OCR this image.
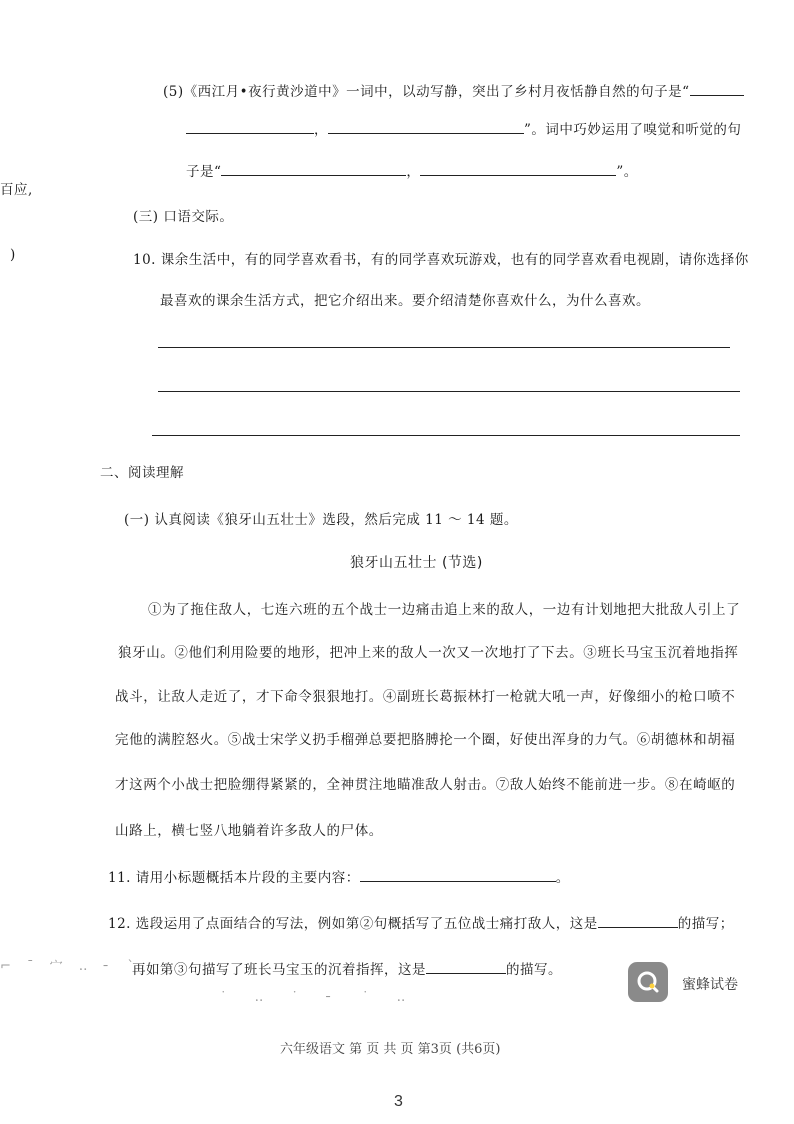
百应,
)
(5)《西江月•夜行黄沙道中》一词中，以动写静，突出了乡村月夜恬静自然的句子是“
，	”。词中巧妙运用了嗅觉和听觉的句
子是“	，	”。
(三) 口语交际。
10. 课余生活中，有的同学喜欢看书，有的同学喜欢玩游戏，也有的同学喜欢看电视剧，请你选择你
最喜欢的课余生活方式，把它介绍出来。要介绍清楚你喜欢什么，为什么喜欢。
二、阅读理解
(一) 认真阅读《狼牙山五壮士》选段，然后完成 11 ～ 14 题。
狼牙山五壮士 (节选)
①为了拖住敌人，七连六班的五个战士一边痛击追上来的敌人，一边有计划地把大批敌人引上了
狼牙山。②他们利用险要的地形，把冲上来的敌人一次又一次地打了下去。③班长马宝玉沉着地指挥
战斗，让敌人走近了，才下命令狠狠地打。④副班长葛振林打一枪就大吼一声，好像细小的枪口喷不
完他的满腔怒火。⑤战士宋学义扔手榴弹总要把胳膊抡一个圈，好使出浑身的力气。⑥胡德林和胡福
才这两个小战士把脸绷得紧紧的，全神贯注地瞄准敌人射击。⑦敌人始终不能前进一步。⑧在崎岖的
山路上，横七竖八地躺着许多敌人的尸体。
11. 请用小标题概括本片段的主要内容：	。
12. 选段运用了点面结合的写法，例如第②句概括写了五位战士痛打敌人，这是	的描写；
再如第③句描写了班长马宝玉的沉着指挥，这是	的描写。
⌐ ˉ 宀 ‥ ╴ ˋ
˙ ‥ ˙ ╴ ˙ ‥
蜜蜂试卷
六年级语文 第 页 共 页 第3页 (共6页)
3
